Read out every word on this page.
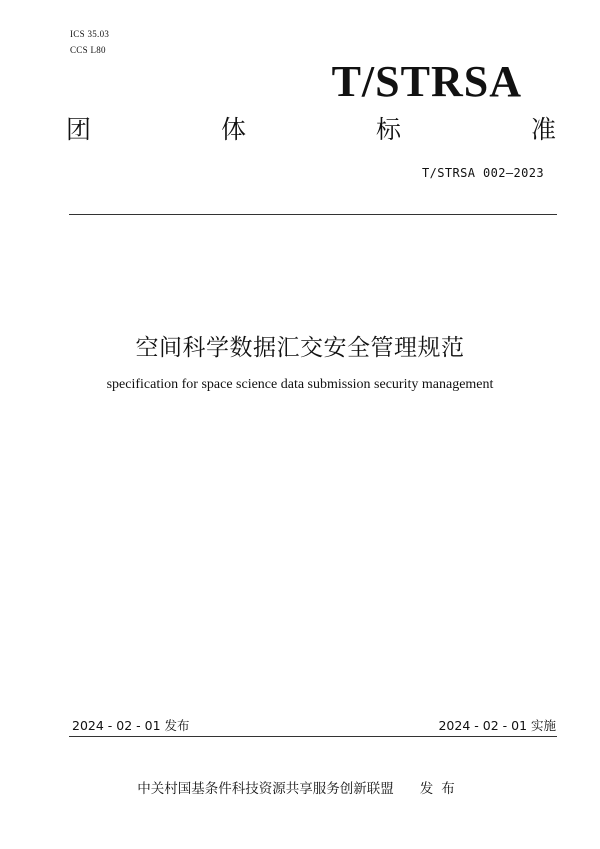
ICS 35.03
CCS L80
T/STRSA
团	体	标	准
T/STRSA 002—2023
空间科学数据汇交安全管理规范
specification for space science data submission security management
2024 - 02 - 01 发布	2024 - 02 - 01 实施
中关村国基条件科技资源共享服务创新联盟 发布
